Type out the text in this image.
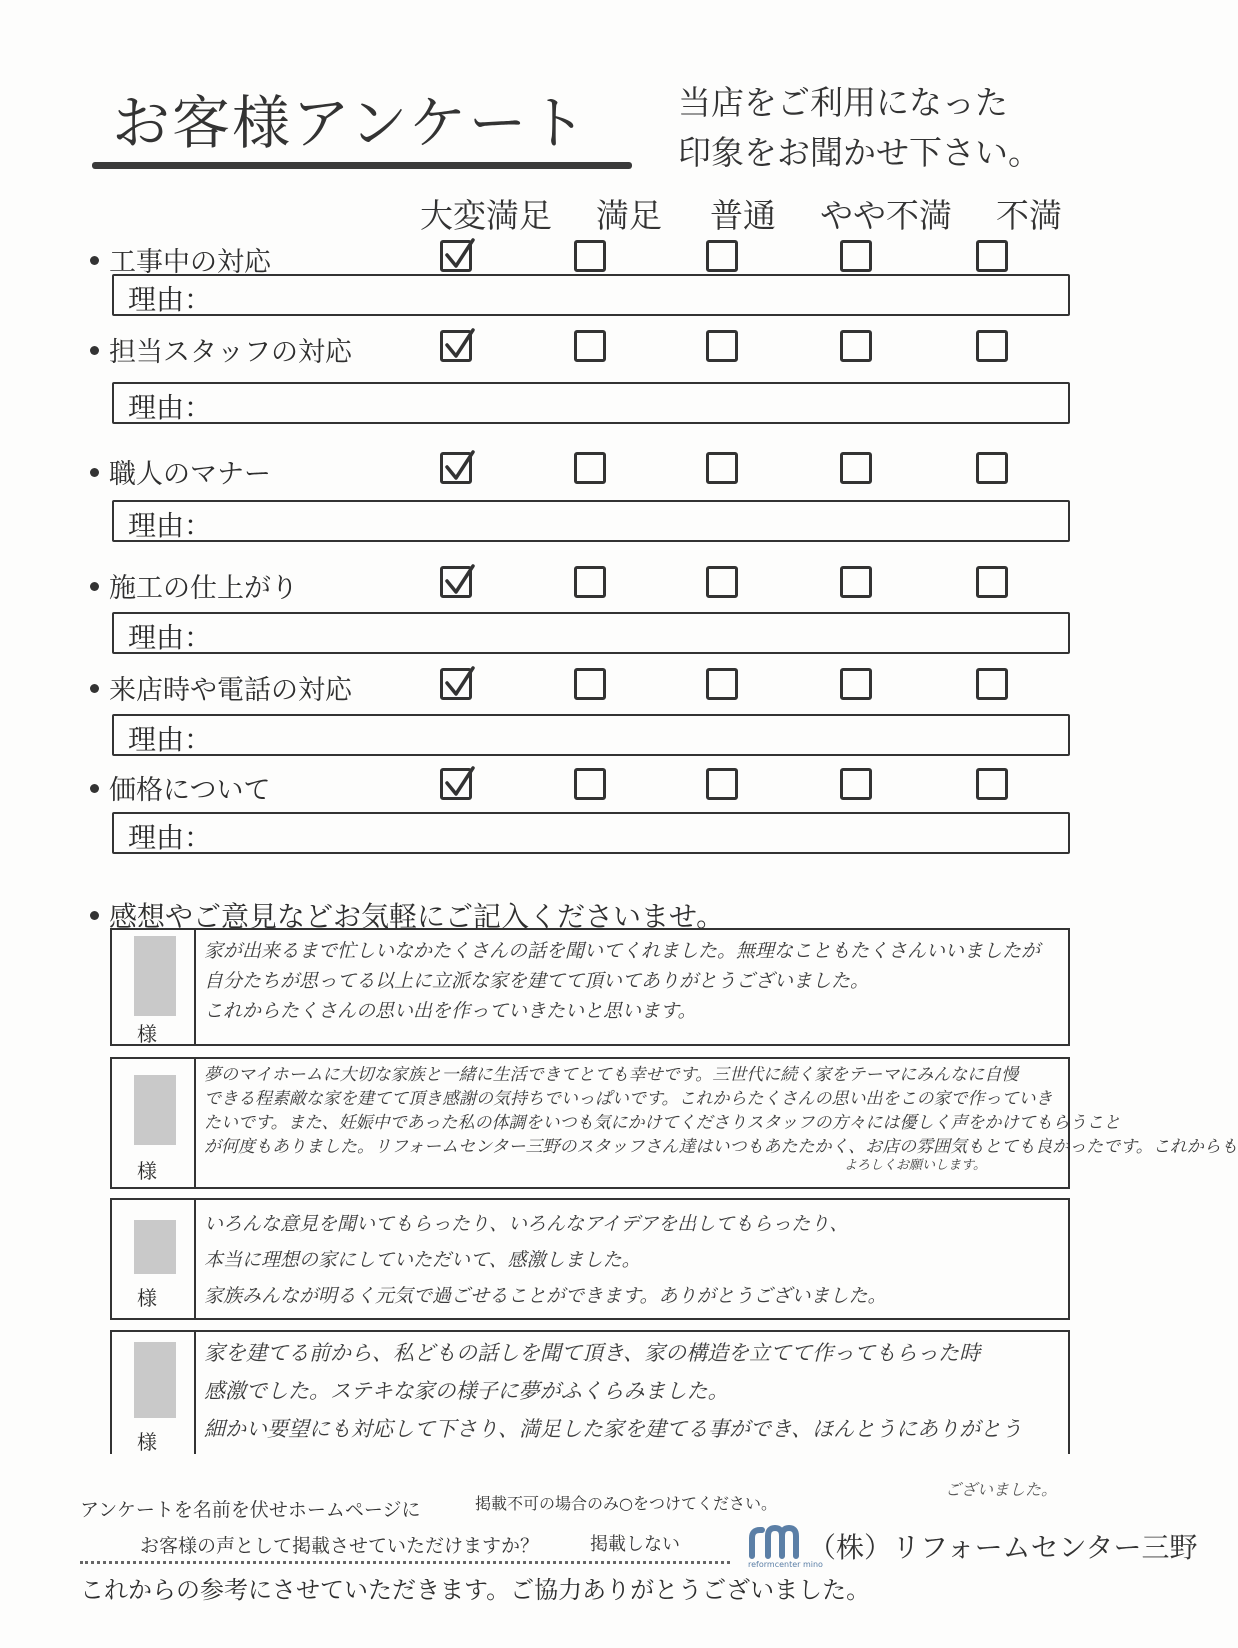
お客様アンケート	当店をご利用になった
印象をお聞かせ下さい。
大変満足 満足 普通 やや不満 不満
工事中の対応
理由：
担当スタッフの対応
理由：
職人のマナー
理由：
施工の仕上がり
理由：
来店時や電話の対応
理由：
価格について
理由：
感想やご意見などお気軽にご記入くださいませ。
様
家が出来るまで忙しいなかたくさんの話を聞いてくれました。無理なこともたくさんいいましたが
自分たちが思ってる以上に立派な家を建てて頂いてありがとうございました。
これからたくさんの思い出を作っていきたいと思います。
様
夢のマイホームに大切な家族と一緒に生活できてとても幸せです。三世代に続く家をテーマにみんなに自慢
できる程素敵な家を建てて頂き感謝の気持ちでいっぱいです。これからたくさんの思い出をこの家で作っていき
たいです。また、妊娠中であった私の体調をいつも気にかけてくださりスタッフの方々には優しく声をかけてもらうこと
が何度もありました。リフォームセンター三野のスタッフさん達はいつもあたたかく、お店の雰囲気もとても良かったです。これからも
よろしくお願いします。
様
いろんな意見を聞いてもらったり、いろんなアイデアを出してもらったり、
本当に理想の家にしていただいて、感激しました。
家族みんなが明るく元気で過ごせることができます。ありがとうございました。
様
家を建てる前から、私どもの話しを聞て頂き、家の構造を立てて作ってもらった時
感激でした。ステキな家の様子に夢がふくらみました。
細かい要望にも対応して下さり、満足した家を建てる事ができ、ほんとうにありがとう
ございました。
アンケートを名前を伏せホームページに
お客様の声として掲載させていただけますか？
掲載不可の場合のみ○をつけてください。
掲載しない
これからの参考にさせていただきます。ご協力ありがとうございました。
reformcenter mino
（株）リフォームセンター三野
